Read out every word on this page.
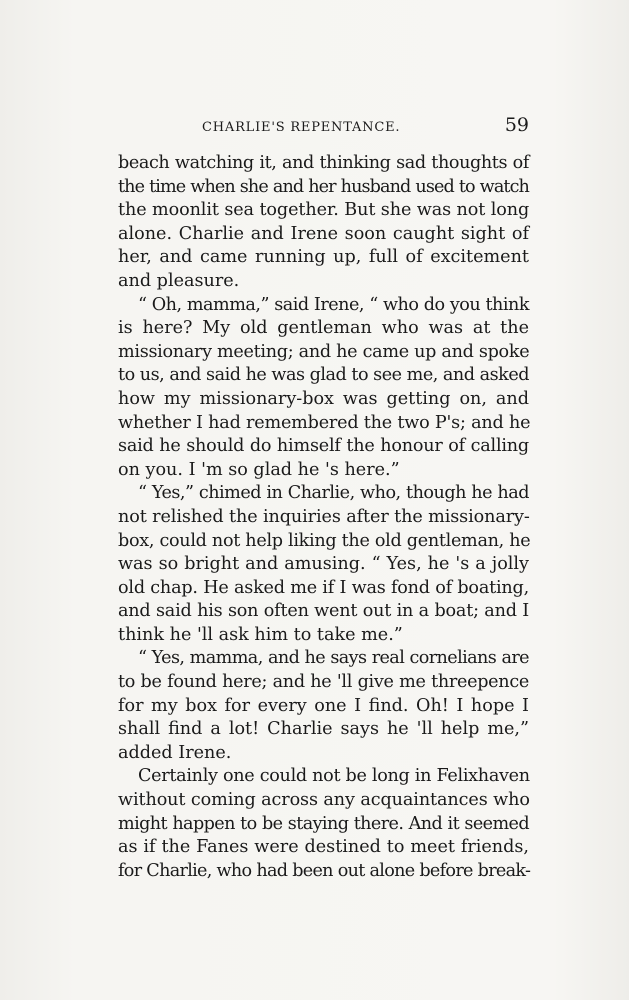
CHARLIE'S REPENTANCE.	59
beach watching it, and thinking sad thoughts of
the time when she and her husband used to watch
the moonlit sea together. But she was not long
alone. Charlie and Irene soon caught sight of
her, and came running up, full of excitement
and pleasure.
“ Oh, mamma,” said Irene, “ who do you think
is here? My old gentleman who was at the
missionary meeting; and he came up and spoke
to us, and said he was glad to see me, and asked
how my missionary-box was getting on, and
whether I had remembered the two P's; and he
said he should do himself the honour of calling
on you. I 'm so glad he 's here.”
“ Yes,” chimed in Charlie, who, though he had
not relished the inquiries after the missionary-
box, could not help liking the old gentleman, he
was so bright and amusing. “ Yes, he 's a jolly
old chap. He asked me if I was fond of boating,
and said his son often went out in a boat; and I
think he 'll ask him to take me.”
“ Yes, mamma, and he says real cornelians are
to be found here; and he 'll give me threepence
for my box for every one I find. Oh! I hope I
shall find a lot! Charlie says he 'll help me,”
added Irene.
Certainly one could not be long in Felixhaven
without coming across any acquaintances who
might happen to be staying there. And it seemed
as if the Fanes were destined to meet friends,
for Charlie, who had been out alone before break-
